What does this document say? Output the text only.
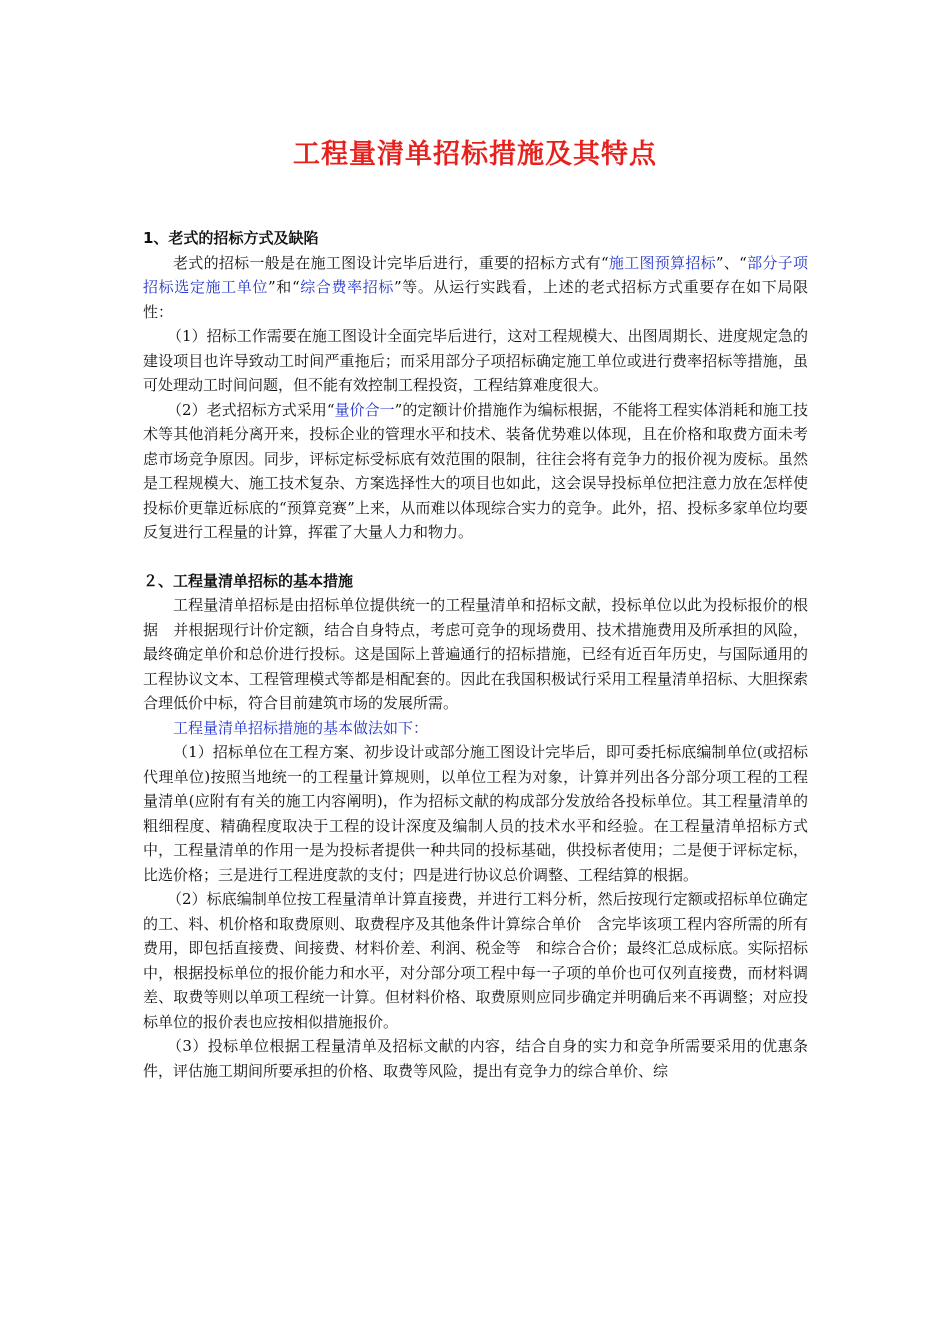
工程量清单招标措施及其特点
1、老式的招标方式及缺陷

老式的招标一般是在施工图设计完毕后进行，重要的招标方式有“施工图预算招标”、“部分子项招标选定施工单位”和“综合费率招标”等。从运行实践看，上述的老式招标方式重要存在如下局限性：

（1）招标工作需要在施工图设计全面完毕后进行，这对工程规模大、出图周期长、进度规定急的建设项目也许导致动工时间严重拖后；而采用部分子项招标确定施工单位或进行费率招标等措施，虽可处理动工时间问题，但不能有效控制工程投资，工程结算难度很大。

（2）老式招标方式采用“量价合一”的定额计价措施作为编标根据，不能将工程实体消耗和施工技术等其他消耗分离开来，投标企业的管理水平和技术、装备优势难以体现，且在价格和取费方面未考虑市场竞争原因。同步，评标定标受标底有效范围的限制，往往会将有竞争力的报价视为废标。虽然是工程规模大、施工技术复杂、方案选择性大的项目也如此，这会误导投标单位把注意力放在怎样使投标价更靠近标底的“预算竞赛”上来，从而难以体现综合实力的竞争。此外，招、投标多家单位均要反复进行工程量的计算，挥霍了大量人力和物力。

２、工程量清单招标的基本措施

工程量清单招标是由招标单位提供统一的工程量清单和招标文献，投标单位以此为投标报价的根据　并根据现行计价定额，结合自身特点，考虑可竞争的现场费用、技术措施费用及所承担的风险，最终确定单价和总价进行投标。这是国际上普遍通行的招标措施，已经有近百年历史，与国际通用的工程协议文本、工程管理模式等都是相配套的。因此在我国积极试行采用工程量清单招标、大胆探索合理低价中标，符合目前建筑市场的发展所需。

工程量清单招标措施的基本做法如下：

（1）招标单位在工程方案、初步设计或部分施工图设计完毕后，即可委托标底编制单位(或招标代理单位)按照当地统一的工程量计算规则，以单位工程为对象，计算并列出各分部分项工程的工程量清单(应附有有关的施工内容阐明)，作为招标文献的构成部分发放给各投标单位。其工程量清单的粗细程度、精确程度取决于工程的设计深度及编制人员的技术水平和经验。在工程量清单招标方式中，工程量清单的作用一是为投标者提供一种共同的投标基础，供投标者使用；二是便于评标定标，比选价格；三是进行工程进度款的支付；四是进行协议总价调整、工程结算的根据。

（2）标底编制单位按工程量清单计算直接费，并进行工料分析，然后按现行定额或招标单位确定的工、料、机价格和取费原则、取费程序及其他条件计算综合单价　含完毕该项工程内容所需的所有费用，即包括直接费、间接费、材料价差、利润、税金等　和综合合价；最终汇总成标底。实际招标中，根据投标单位的报价能力和水平，对分部分项工程中每一子项的单价也可仅列直接费，而材料调差、取费等则以单项工程统一计算。但材料价格、取费原则应同步确定并明确后来不再调整；对应投标单位的报价表也应按相似措施报价。

（3）投标单位根据工程量清单及招标文献的内容，结合自身的实力和竞争所需要采用的优惠条件，评估施工期间所要承担的价格、取费等风险，提出有竞争力的综合单价、综
